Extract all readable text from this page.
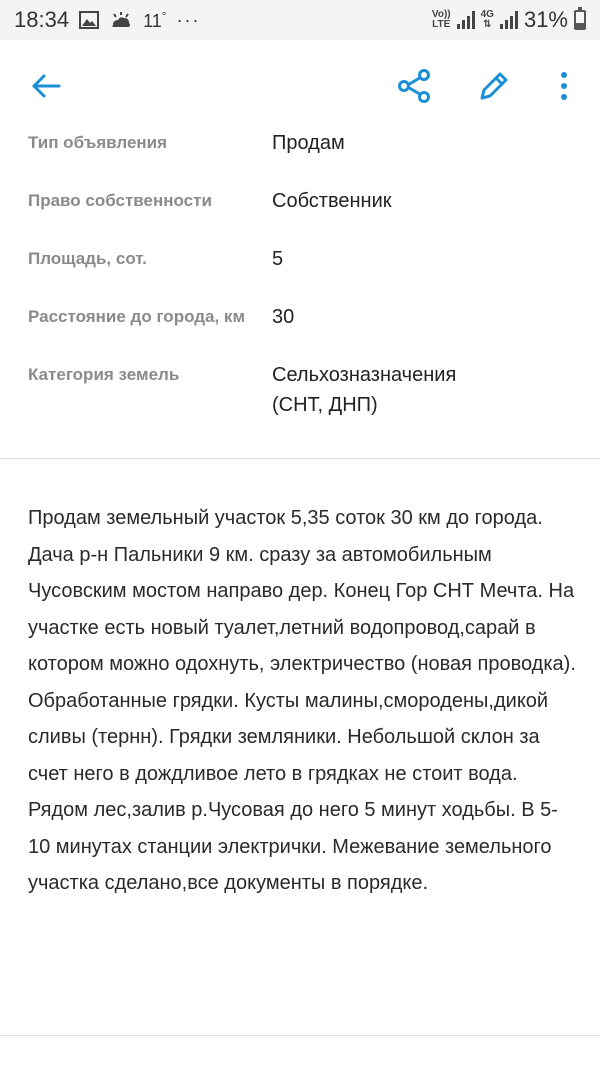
18:34	11° ···	Vo))
LTE
4G
⇅ 31%
Тип объявления	Продам
Право собственности	Собственник
Площадь, сот.	5
Расстояние до города, км	30
Категория земель	Сельхозназначения
(СНТ, ДНП)
Продам земельный участок 5,35 соток 30 км до города. Дача р-н Пальники 9 км. сразу за автомобильным Чусовским мостом направо дер. Конец Гор СНТ Мечта. На участке есть новый туалет,летний водопровод,сарай в котором можно одохнуть, электричество (новая проводка). Обработанные грядки. Кусты малины,смородены,дикой сливы (тернн). Грядки земляники. Небольшой склон за счет него в дождливое лето в грядках не стоит вода.  Рядом лес,залив р.Чусовая до него 5 минут ходьбы. В 5-10 минутах станции электрички. Межевание земельного участка сделано,все документы в порядке.
